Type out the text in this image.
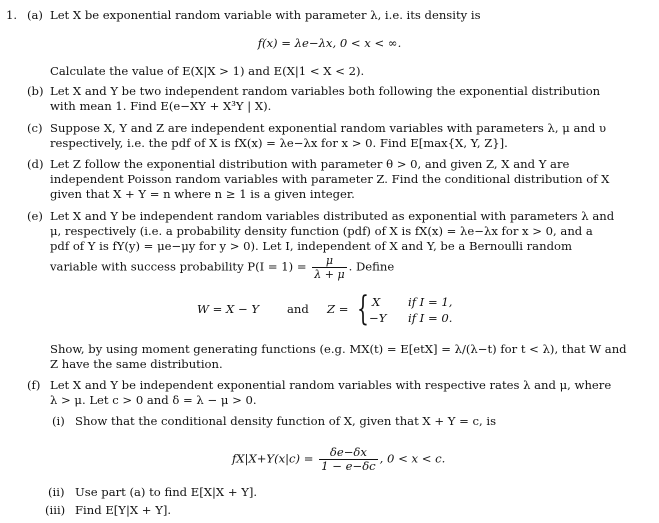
1. (a) Let X be exponential random variable with parameter λ, i.e. its density is
f(x) = λe−λx, 0 < x < ∞.
Calculate the value of E(X|X > 1) and E(X|1 < X < 2).
(b) Let X and Y be two independent random variables both following the exponential distribution
with mean 1. Find E(e−XY + X³Y | X).
(c) Suppose X, Y and Z are independent exponential random variables with parameters λ, μ and υ
respectively, i.e. the pdf of X is fX(x) = λe−λx for x > 0. Find E[max{X, Y, Z}].
(d) Let Z follow the exponential distribution with parameter θ > 0, and given Z, X and Y are
independent Poisson random variables with parameter Z. Find the conditional distribution of X
given that X + Y = n where n ≥ 1 is a given integer.
(e) Let X and Y be independent random variables distributed as exponential with parameters λ and
μ, respectively (i.e. a probability density function (pdf) of X is fX(x) = λe−λx for x > 0, and a
pdf of Y is fY(y) = μe−μy for y > 0). Let I, independent of X and Y, be a Bernoulli random
variable with success probability $P(I = 1) = \frac{\mu}{\lambda + \mu}$ . Define
W = X − Y and Z = { X if I = 1,
−Y if I = 0.
Show, by using moment generating functions (e.g. MX(t) = E[etX] = λ/(λ−t) for t < λ), that W and
Z have the same distribution.
(f) Let X and Y be independent exponential random variables with respective rates λ and μ, where
λ > μ. Let c > 0 and δ = λ − μ > 0.
(i) Show that the conditional density function of X, given that X + Y = c, is
$fX|X+Y(x|c) = \frac{\delta e-\delta x}{1 - e-\delta c}$ , 0 < x < c.
(ii) Use part (a) to find E[X|X + Y].
(iii) Find E[Y|X + Y].
